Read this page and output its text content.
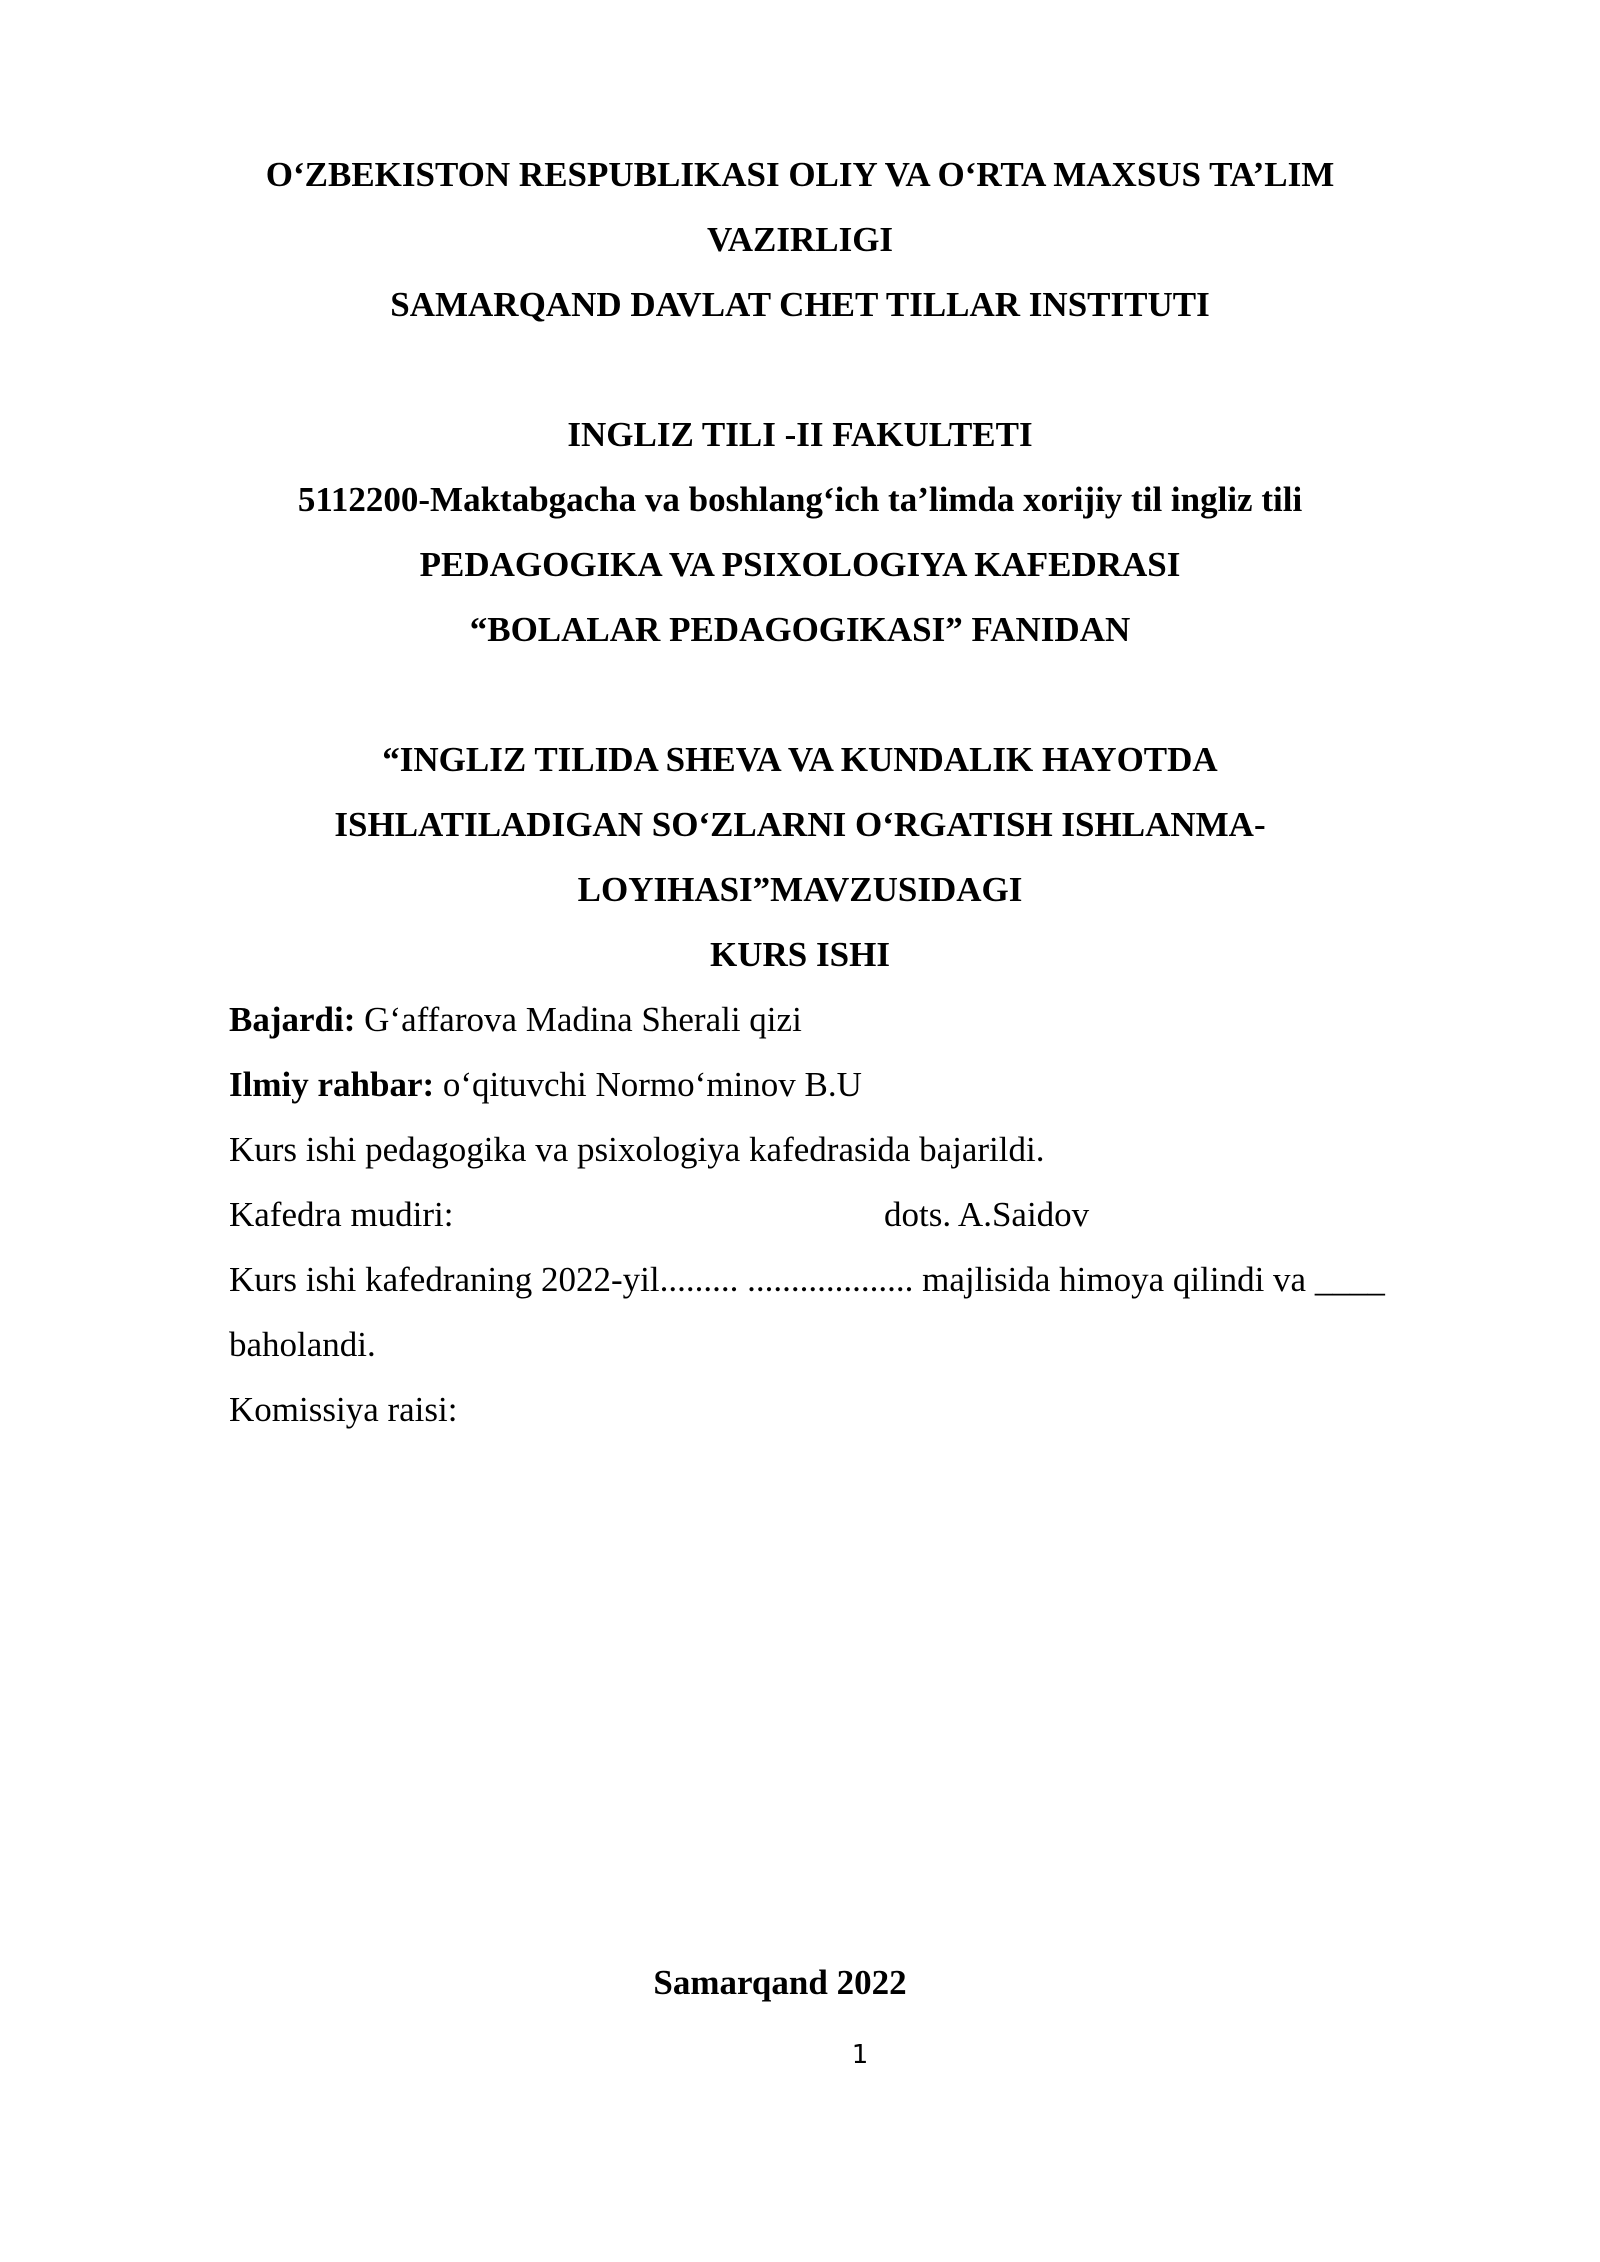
O‘ZBEKISTON RESPUBLIKASI OLIY VA O‘RTA MAXSUS TA’LIM
VAZIRLIGI
SAMARQAND DAVLAT CHET TILLAR INSTITUTI
INGLIZ TILI -II FAKULTETI
5112200-Maktabgacha va boshlang‘ich ta’limda xorijiy til ingliz tili
PEDAGOGIKA VA PSIXOLOGIYA KAFEDRASI
“BOLALAR PEDAGOGIKASI” FANIDAN
“INGLIZ TILIDA SHEVA VA KUNDALIK HAYOTDA
ISHLATILADIGAN SO‘ZLARNI O‘RGATISH ISHLANMA-
LOYIHASI”MAVZUSIDAGI
KURS ISHI
Bajardi: G‘affarova Madina Sherali qizi
Ilmiy rahbar: o‘qituvchi Normo‘minov B.U
Kurs ishi pedagogika va psixologiya kafedrasida bajarildi.
Kafedra mudiri:	dots. A.Saidov
Kurs ishi kafedraning 2022-yil......... ................... majlisida himoya qilindi va ____
baholandi.
Komissiya raisi:
Samarqand 2022
1
